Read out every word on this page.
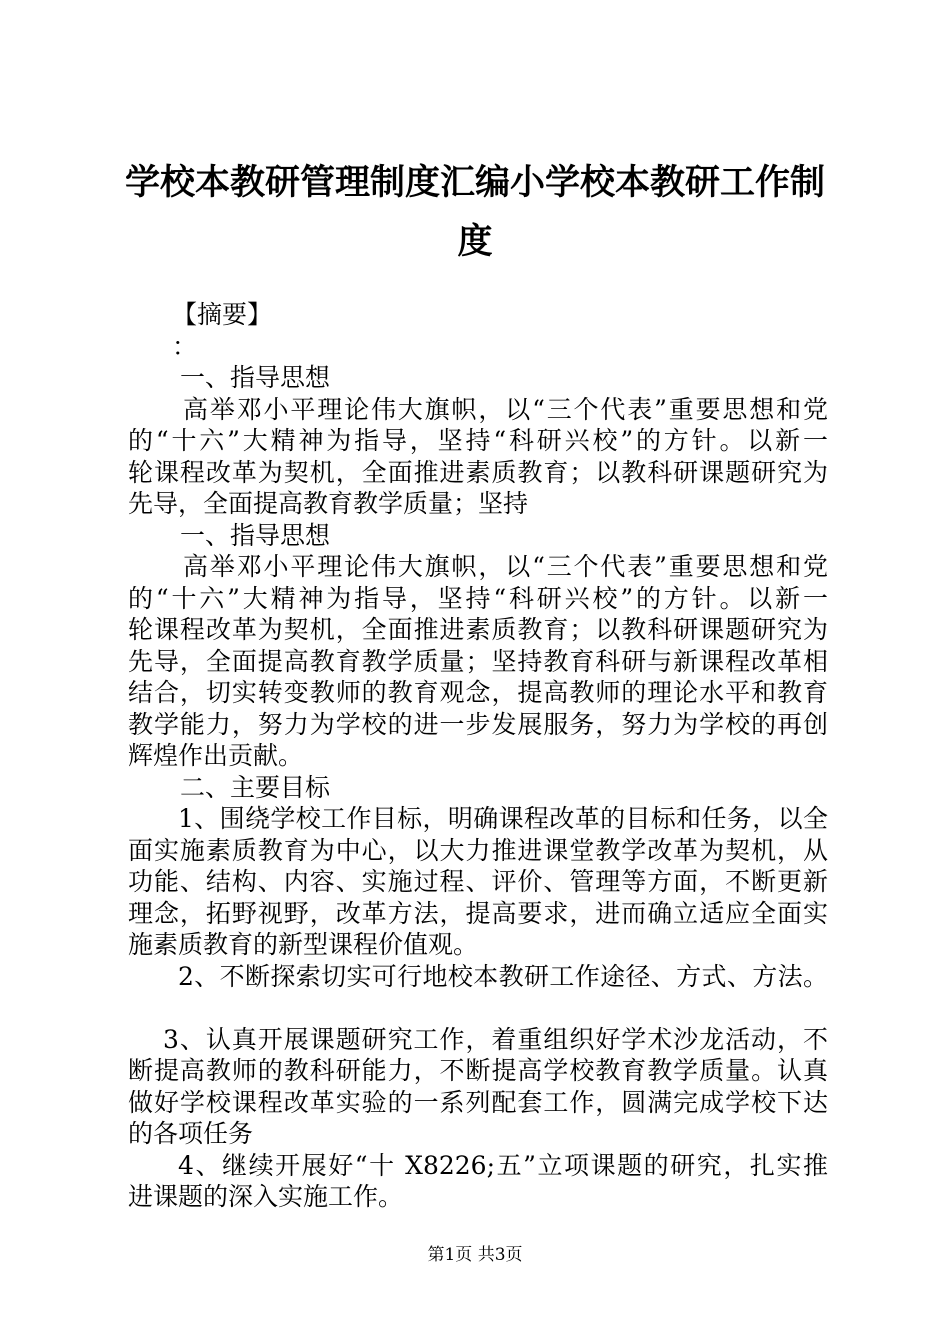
学校本教研管理制度汇编小学校本教研工作制
度
【摘要】
：
一、指导思想
高举邓小平理论伟大旗帜，以“三个代表”重要思想和党
的“十六”大精神为指导，坚持“科研兴校”的方针。以新一
轮课程改革为契机，全面推进素质教育；以教科研课题研究为
先导，全面提高教育教学质量；坚持
一、指导思想
高举邓小平理论伟大旗帜，以“三个代表”重要思想和党
的“十六”大精神为指导，坚持“科研兴校”的方针。以新一
轮课程改革为契机，全面推进素质教育；以教科研课题研究为
先导，全面提高教育教学质量；坚持教育科研与新课程改革相
结合，切实转变教师的教育观念，提高教师的理论水平和教育
教学能力，努力为学校的进一步发展服务，努力为学校的再创
辉煌作出贡献。
二、主要目标
1、围绕学校工作目标，明确课程改革的目标和任务，以全
面实施素质教育为中心，以大力推进课堂教学改革为契机，从
功能、结构、内容、实施过程、评价、管理等方面，不断更新
理念，拓野视野，改革方法，提高要求，进而确立适应全面实
施素质教育的新型课程价值观。
2、不断探索切实可行地校本教研工作途径、方式、方法。
3、认真开展课题研究工作，着重组织好学术沙龙活动，不
断提高教师的教科研能力，不断提高学校教育教学质量。认真
做好学校课程改革实验的一系列配套工作，圆满完成学校下达
的各项任务
4、继续开展好“十 X8226;五”立项课题的研究，扎实推
进课题的深入实施工作。
第1页 共3页
